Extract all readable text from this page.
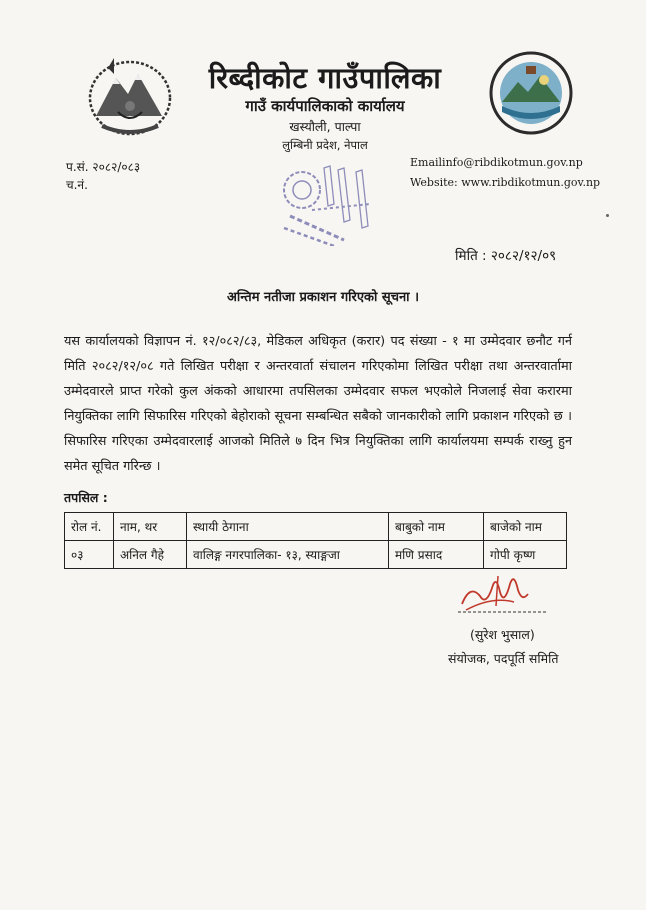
रिब्दीकोट गाउँपालिका
गाउँ कार्यपालिकाको कार्यालय
खस्यौली, पाल्पा
लुम्बिनी प्रदेश, नेपाल
प.सं. २०८२/०८३
च.नं.
Emailinfo@ribdikotmun.gov.np
Website: www.ribdikotmun.gov.np
मिति : २०८२/१२/०९
अन्तिम नतीजा प्रकाशन गरिएको सूचना ।

यस कार्यालयको विज्ञापन नं. १२/०८२/८३, मेडिकल अधिकृत (करार) पद संख्या - १ मा उम्मेदवार छनौट गर्न मिति २०८२/१२/०८ गते लिखित परीक्षा र अन्तरवार्ता संचालन गरिएकोमा लिखित परीक्षा तथा अन्तरवार्तामा उम्मेदवारले प्राप्त गरेको कुल अंकको आधारमा तपसिलका उम्मेदवार सफल भएकोले निजलाई सेवा करारमा नियुक्तिका लागि सिफारिस गरिएको बेहोराको सूचना सम्बन्धित सबैको जानकारीको लागि प्रकाशन गरिएको छ । सिफारिस गरिएका उम्मेदवारलाई आजको मितिले ७ दिन भित्र नियुक्तिका लागि कार्यालयमा सम्पर्क राख्नु हुन समेत सूचित गरिन्छ ।

तपसिल :
रोल नं.	नाम, थर	स्थायी ठेगाना	बाबुको नाम	बाजेको नाम
०३	अनिल गैहे	वालिङ्ग नगरपालिका- १३, स्याङ्गजा	मणि प्रसाद	गोपी कृष्ण
(सुरेश भुसाल)
संयोजक, पदपूर्ति समिति
